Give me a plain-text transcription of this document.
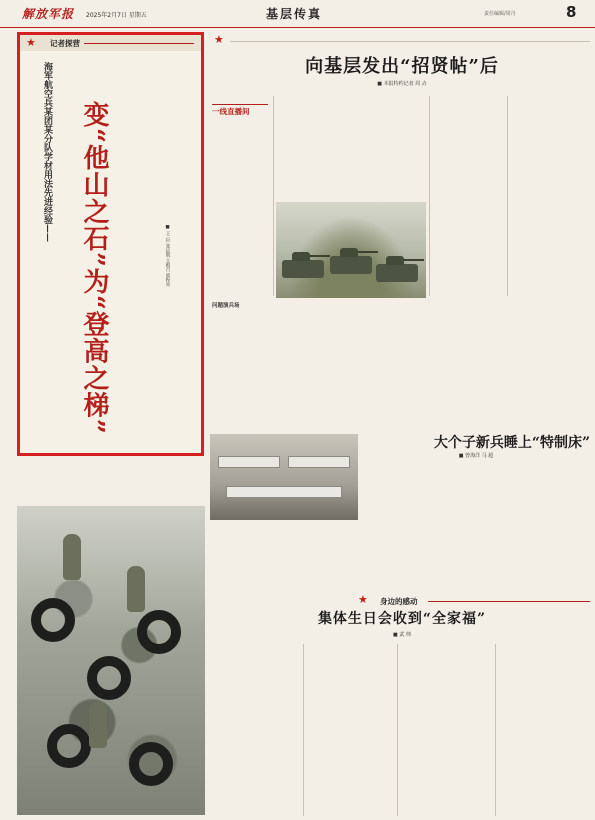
解放军报 2025年2月7日 星期五	基层传真	责任编辑/周丹	8
★ 记者探营
海军航空兵某团某分队学材用法先进经验——	变“他山之石”为“登高之梯”	■ 王 臣 张远航 王殿召 邢程亮
★
向基层发出“招贤帖”后
■ 本报特约记者 周 垚
一线直播间
问题演兵场
大个子新兵睡上“特制床”
■ 曾海洋 马 超
★ 身边的感动
集体生日会收到“全家福”
■ 武 帅
